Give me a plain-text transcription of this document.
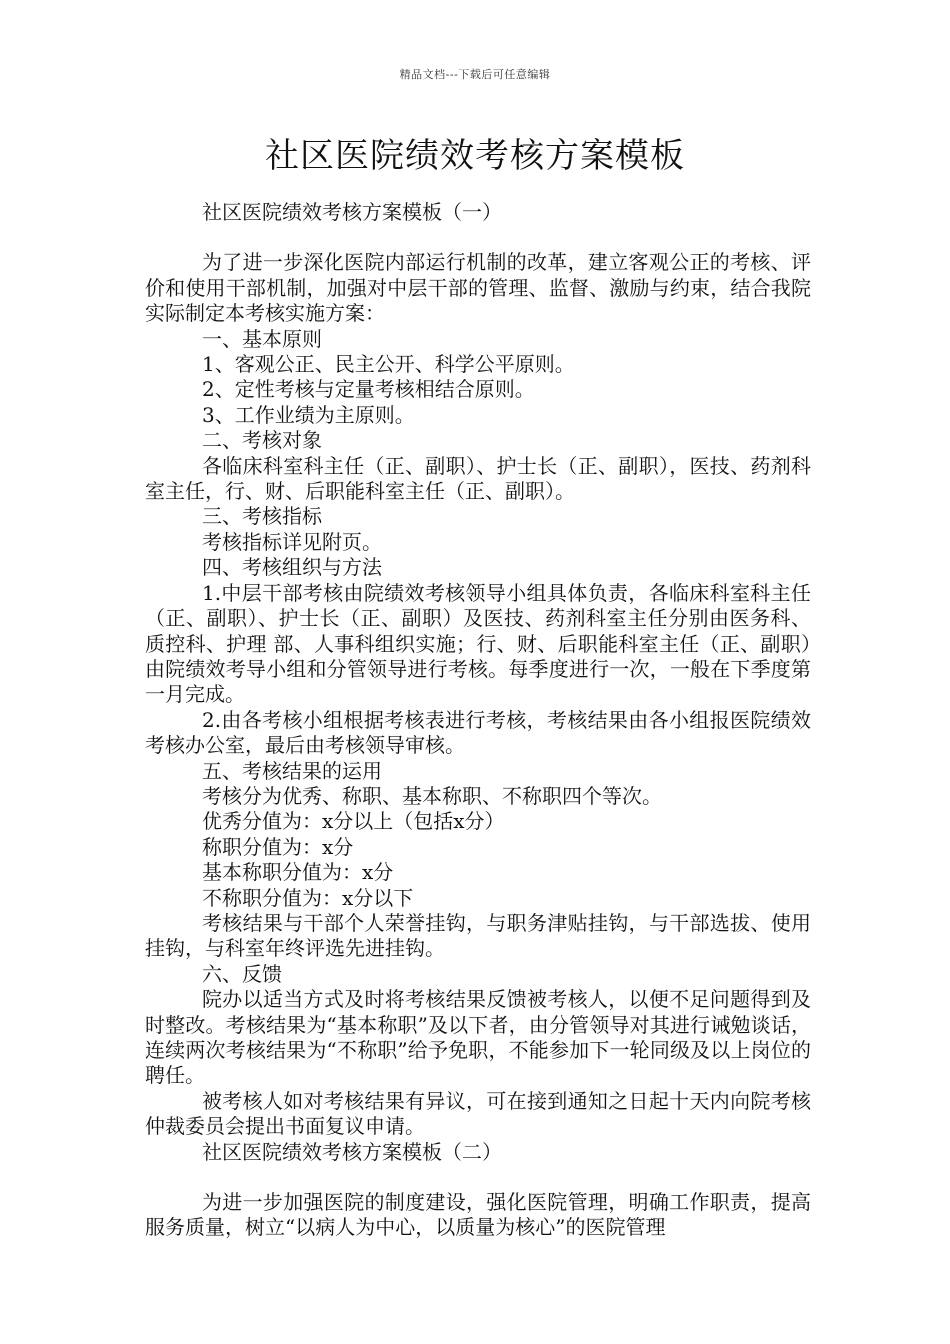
精品文档---下载后可任意编辑
社区医院绩效考核方案模板

社区医院绩效考核方案模板（一）

为了进一步深化医院内部运行机制的改革，建立客观公正的考核、评价和使用干部机制，加强对中层干部的管理、监督、激励与约束，结合我院实际制定本考核实施方案：

一、基本原则

1、客观公正、民主公开、科学公平原则。

2、定性考核与定量考核相结合原则。

3、工作业绩为主原则。

二、考核对象

各临床科室科主任（正、副职）、护士长（正、副职），医技、药剂科室主任，行、财、后职能科室主任（正、副职）。

三、考核指标

考核指标详见附页。

四、考核组织与方法

1.中层干部考核由院绩效考核领导小组具体负责，各临床科室科主任（正、副职）、护士长（正、副职）及医技、药剂科室主任分别由医务科、质控科、护理 部、人事科组织实施；行、财、后职能科室主任（正、副职）由院绩效考导小组和分管领导进行考核。每季度进行一次，一般在下季度第一月完成。

2.由各考核小组根据考核表进行考核，考核结果由各小组报医院绩效考核办公室，最后由考核领导审核。

五、考核结果的运用

考核分为优秀、称职、基本称职、不称职四个等次。

优秀分值为：x分以上（包括x分）

称职分值为：x分

基本称职分值为：x分

不称职分值为：x分以下

考核结果与干部个人荣誉挂钩，与职务津贴挂钩，与干部选拔、使用挂钩，与科室年终评选先进挂钩。

六、反馈

院办以适当方式及时将考核结果反馈被考核人，以便不足问题得到及时整改。考核结果为“基本称职”及以下者，由分管领导对其进行诫勉谈话，连续两次考核结果为“不称职”给予免职，不能参加下一轮同级及以上岗位的聘任。

被考核人如对考核结果有异议，可在接到通知之日起十天内向院考核仲裁委员会提出书面复议申请。

社区医院绩效考核方案模板（二）

为进一步加强医院的制度建设，强化医院管理，明确工作职责，提高服务质量，树立“以病人为中心，以质量为核心”的医院管理
